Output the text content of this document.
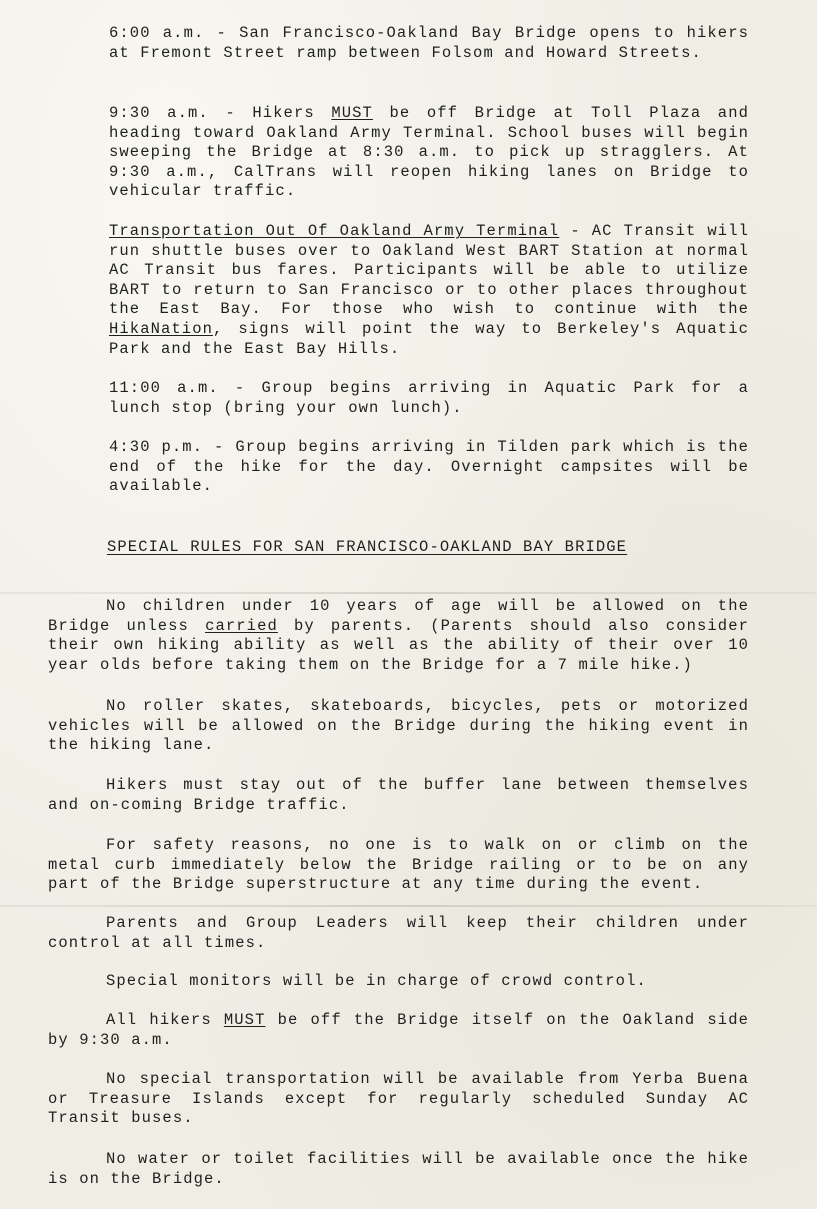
6:00 a.m. - San Francisco-Oakland Bay Bridge opens to hikers at Fremont Street ramp between Folsom and Howard Streets.

9:30 a.m. - Hikers MUST be off Bridge at Toll Plaza and heading toward Oakland Army Terminal. School buses will begin sweeping the Bridge at 8:30 a.m. to pick up stragglers. At 9:30 a.m., CalTrans will reopen hiking lanes on Bridge to vehicular traffic.

Transportation Out Of Oakland Army Terminal - AC Transit will run shuttle buses over to Oakland West BART Station at normal AC Transit bus fares. Participants will be able to utilize BART to return to San Francisco or to other places throughout the East Bay. For those who wish to continue with the HikaNation, signs will point the way to Berkeley's Aquatic Park and the East Bay Hills.

11:00 a.m. - Group begins arriving in Aquatic Park for a lunch stop (bring your own lunch).

4:30 p.m. - Group begins arriving in Tilden park which is the end of the hike for the day. Overnight campsites will be available.

SPECIAL RULES FOR SAN FRANCISCO-OAKLAND BAY BRIDGE

No children under 10 years of age will be allowed on the Bridge unless carried by parents. (Parents should also consider their own hiking ability as well as the ability of their over 10 year olds before taking them on the Bridge for a 7 mile hike.)

No roller skates, skateboards, bicycles, pets or motorized vehicles will be allowed on the Bridge during the hiking event in the hiking lane.

Hikers must stay out of the buffer lane between themselves and on-coming Bridge traffic.

For safety reasons, no one is to walk on or climb on the metal curb immediately below the Bridge railing or to be on any part of the Bridge superstructure at any time during the event.

Parents and Group Leaders will keep their children under control at all times.

Special monitors will be in charge of crowd control.

All hikers MUST be off the Bridge itself on the Oakland side by 9:30 a.m.

No special transportation will be available from Yerba Buena or Treasure Islands except for regularly scheduled Sunday AC Transit buses.

No water or toilet facilities will be available once the hike is on the Bridge.
